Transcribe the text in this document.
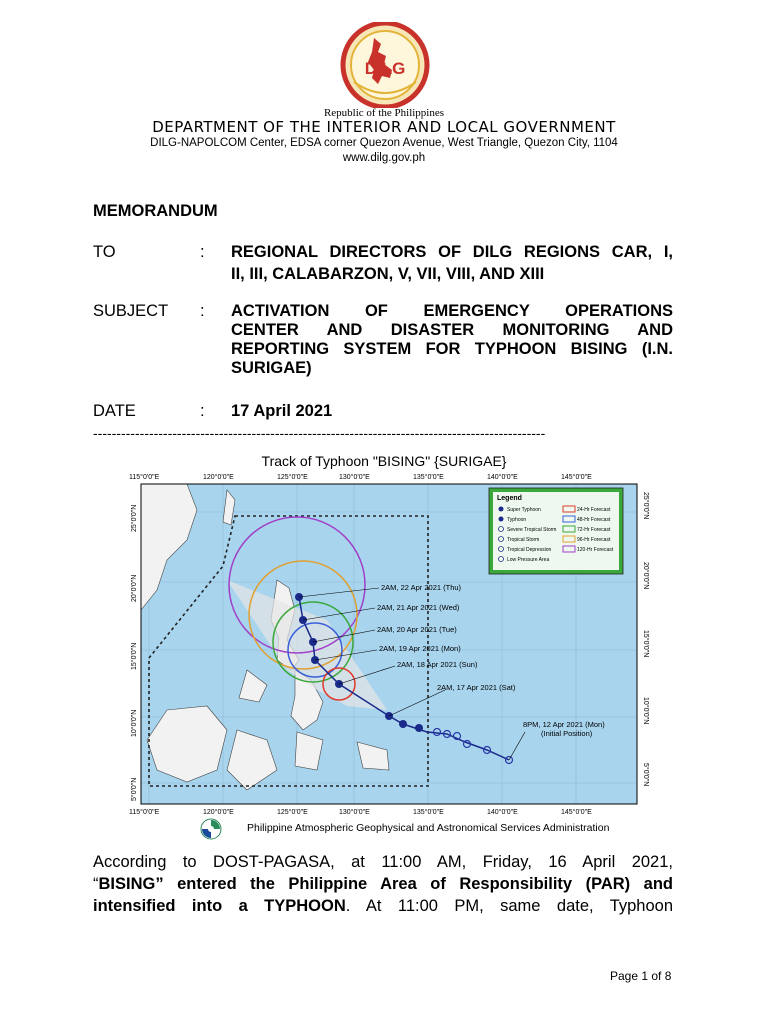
DILG
Republic of the Philippines
DEPARTMENT OF THE INTERIOR AND LOCAL GOVERNMENT
DILG-NAPOLCOM Center, EDSA corner Quezon Avenue, West Triangle, Quezon City, 1104
www.dilg.gov.ph
MEMORANDUM
TO	: REGIONAL DIRECTORS OF DILG REGIONS CAR, I,
II, III, CALABARZON, V, VII, VIII, AND XIII
SUBJECT : ACTIVATION OF EMERGENCY OPERATIONS
CENTER AND DISASTER MONITORING AND
REPORTING SYSTEM FOR TYPHOON BISING (I.N.
SURIGAE)
DATE	: 17 April 2021
-------------------------------------------------------------------------------------------------
Track of Typhoon "BISING" {SURIGAE}
2AM, 22 Apr 2021 (Thu)
2AM, 21 Apr 2021 (Wed)
2AM, 20 Apr 2021 (Tue)
2AM, 19 Apr 2021 (Mon)
2AM, 18 Apr 2021 (Sun)
2AM, 17 Apr 2021 (Sat)
8PM, 12 Apr 2021 (Mon)
(Initial Position)
Legend
Super Typhoon
Typhoon
Severe Tropical Storm
Tropical Storm
Tropical Depression
Low Pressure Area
24-Hr Forecast
48-Hr Forecast
72-Hr Forecast
96-Hr Forecast
120-Hr Forecast
115°0'0"E	120°0'0"E	125°0'0"E	130°0'0"E	135°0'0"E	140°0'0"E	145°0'0"E
115°0'0"E	120°0'0"E	125°0'0"E	130°0'0"E	135°0'0"E	140°0'0"E	145°0'0"E
25°0'0"N
20°0'0"N
15°0'0"N
10°0'0"N
5°0'0"N
25°0'0"N
20°0'0"N
15°0'0"N
10°0'0"N
5°0'0"N
Philippine Atmospheric Geophysical and Astronomical Services Administration
According to DOST-PAGASA, at 11:00 AM, Friday, 16 April 2021,
“BISING” entered the Philippine Area of Responsibility (PAR) and
intensified into a TYPHOON. At 11:00 PM, same date, Typhoon
Page 1 of 8
